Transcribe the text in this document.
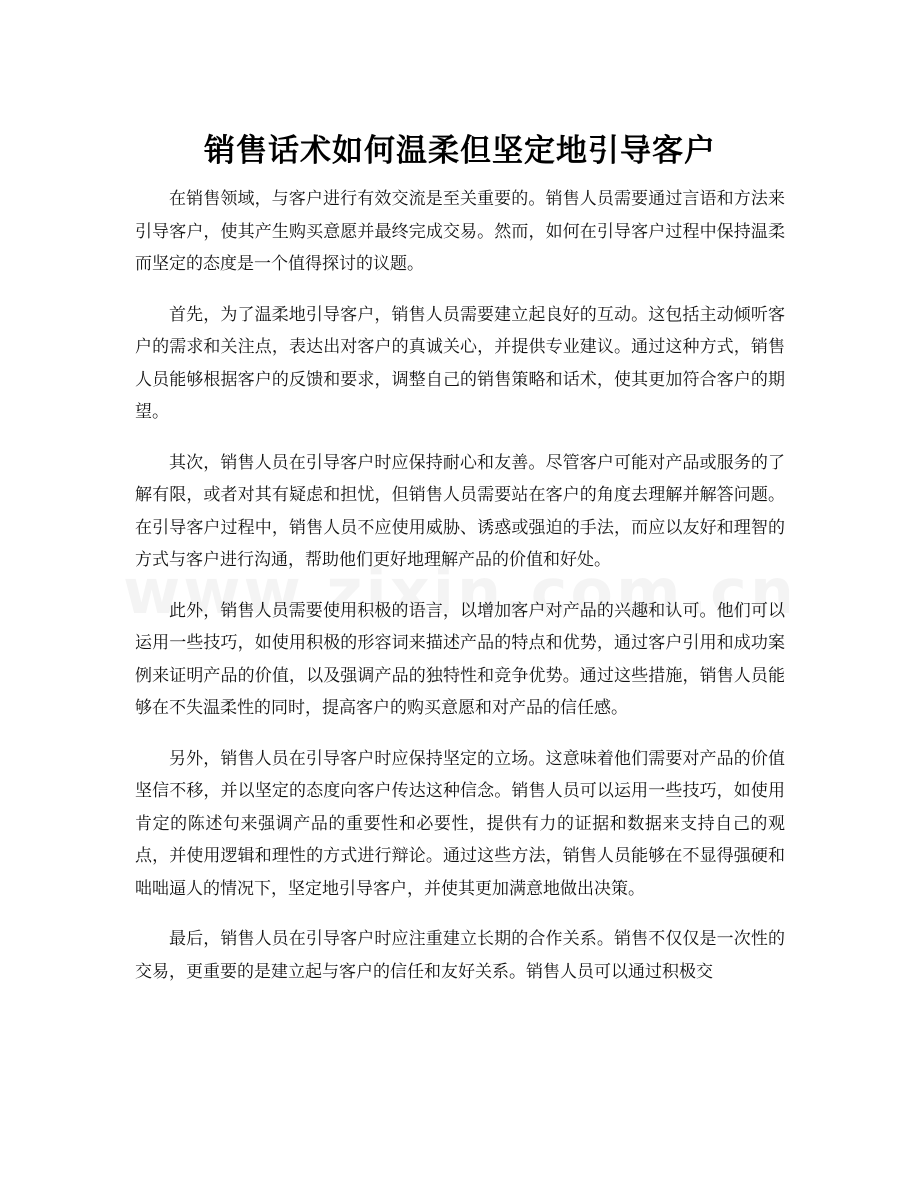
销售话术如何温柔但坚定地引导客户

在销售领域，与客户进行有效交流是至关重要的。销售人员需要通过言语和方法来引导客户，使其产生购买意愿并最终完成交易。然而，如何在引导客户过程中保持温柔而坚定的态度是一个值得探讨的议题。

首先，为了温柔地引导客户，销售人员需要建立起良好的互动。这包括主动倾听客户的需求和关注点，表达出对客户的真诚关心，并提供专业建议。通过这种方式，销售人员能够根据客户的反馈和要求，调整自己的销售策略和话术，使其更加符合客户的期望。

其次，销售人员在引导客户时应保持耐心和友善。尽管客户可能对产品或服务的了解有限，或者对其有疑虑和担忧，但销售人员需要站在客户的角度去理解并解答问题。在引导客户过程中，销售人员不应使用威胁、诱惑或强迫的手法，而应以友好和理智的方式与客户进行沟通，帮助他们更好地理解产品的价值和好处。

此外，销售人员需要使用积极的语言，以增加客户对产品的兴趣和认可。他们可以运用一些技巧，如使用积极的形容词来描述产品的特点和优势，通过客户引用和成功案例来证明产品的价值，以及强调产品的独特性和竞争优势。通过这些措施，销售人员能够在不失温柔性的同时，提高客户的购买意愿和对产品的信任感。

另外，销售人员在引导客户时应保持坚定的立场。这意味着他们需要对产品的价值坚信不移，并以坚定的态度向客户传达这种信念。销售人员可以运用一些技巧，如使用肯定的陈述句来强调产品的重要性和必要性，提供有力的证据和数据来支持自己的观点，并使用逻辑和理性的方式进行辩论。通过这些方法，销售人员能够在不显得强硬和咄咄逼人的情况下，坚定地引导客户，并使其更加满意地做出决策。

最后，销售人员在引导客户时应注重建立长期的合作关系。销售不仅仅是一次性的交易，更重要的是建立起与客户的信任和友好关系。销售人员可以通过积极交
